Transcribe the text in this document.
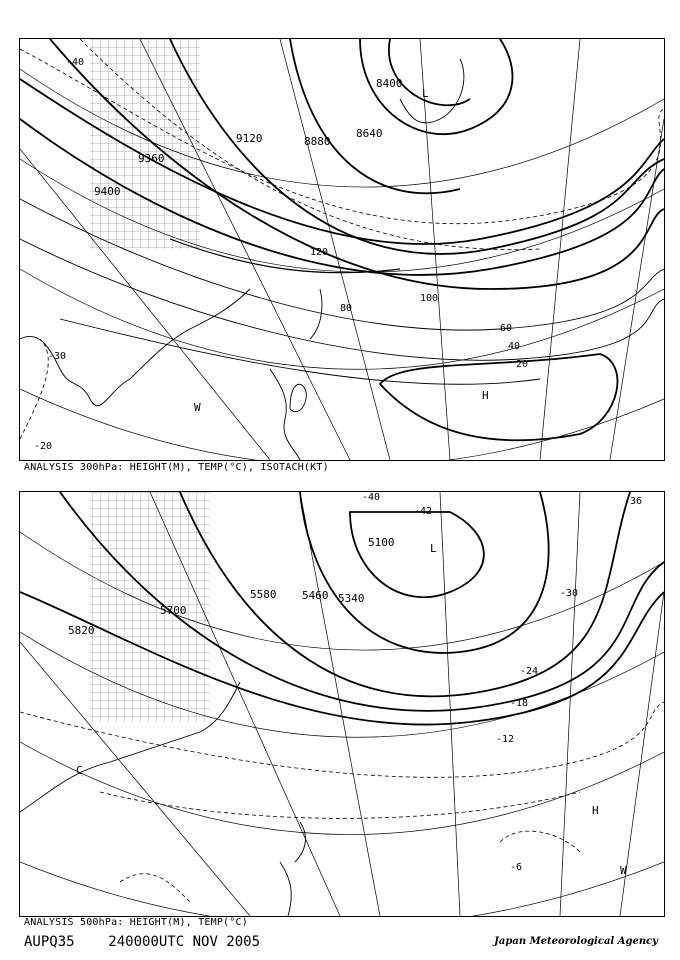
8400
8640
8880
9120
9360
9400
120
100
80
60
40
20
-40
-30
-20
L
H
W
ANALYSIS 300hPa: HEIGHT(M), TEMP(°C), ISOTACH(KT)
5100
5340
5460
5580
5700
5820
-42
-40	-36
-30
-24
-18
-12
-6
L
C
H
W
ANALYSIS 500hPa: HEIGHT(M), TEMP(°C)
AUPQ35 240000UTC NOV 2005	Japan Meteorological Agency
